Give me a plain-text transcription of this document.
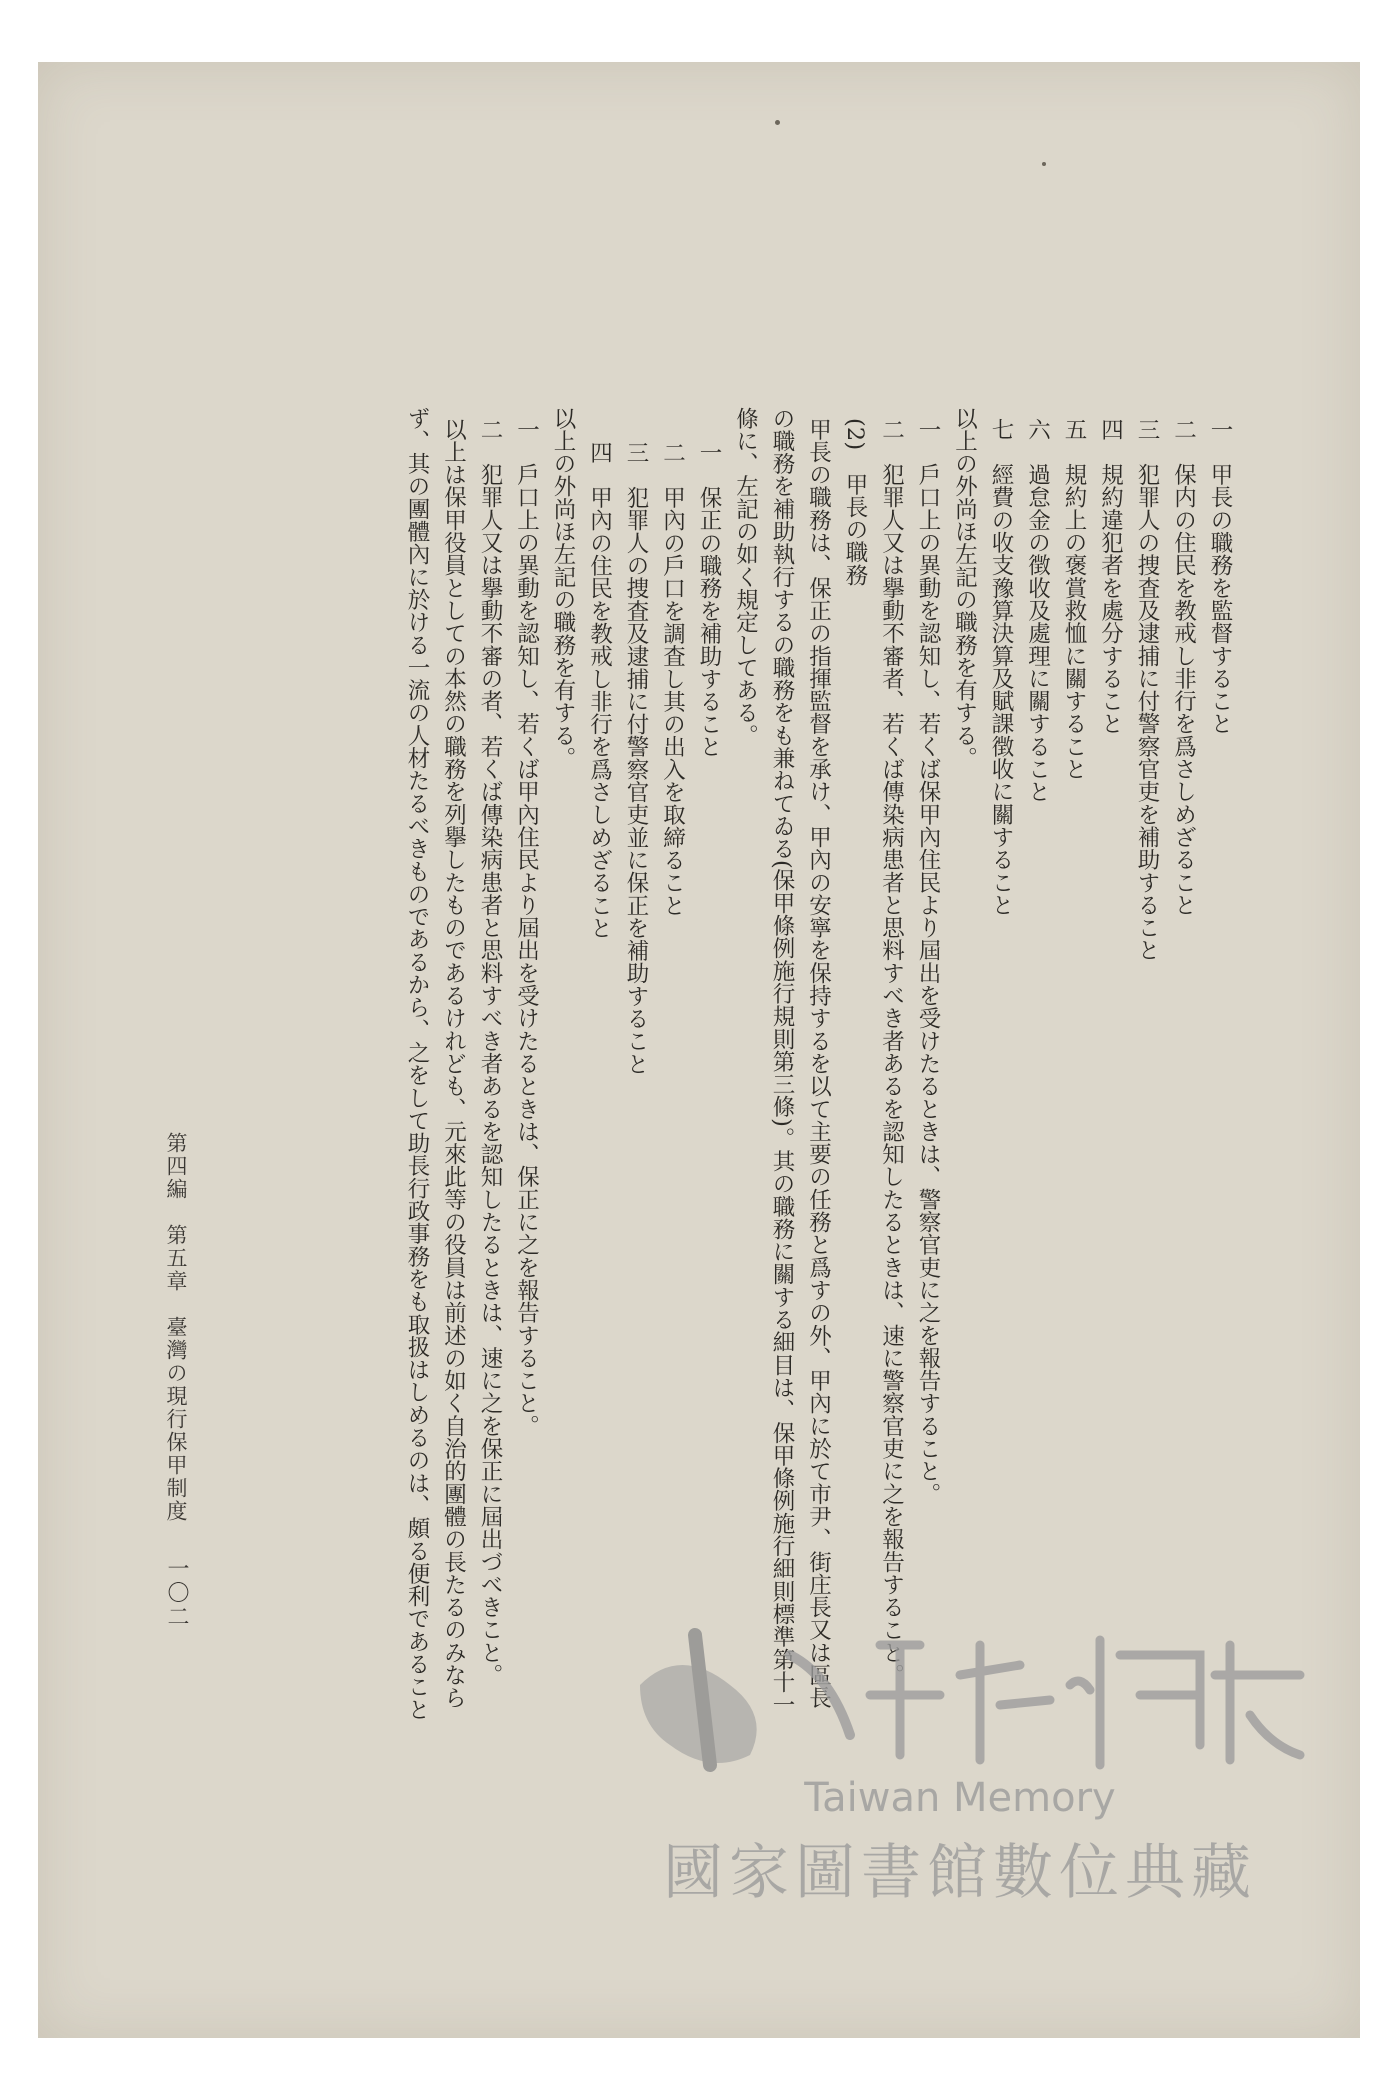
一　甲長の職務を監督すること
二　保内の住民を教戒し非行を爲さしめざること
三　犯罪人の捜査及逮捕に付警察官吏を補助すること
四　規約違犯者を處分すること
五　規約上の褒賞救恤に關すること
六　過怠金の徴收及處理に關すること
七　經費の收支豫算決算及賦課徴收に關すること
以上の外尚ほ左記の職務を有する。
一　戶口上の異動を認知し、若くば保甲內住民より屆出を受けたるときは、警察官吏に之を報告すること。
二　犯罪人又は擧動不審者、若くば傳染病患者と思料すべき者あるを認知したるときは、速に警察官吏に之を報告すること。
(2)　甲長の職務
甲長の職務は、保正の指揮監督を承け、甲內の安寧を保持するを以て主要の任務と爲すの外、甲內に於て市尹、街庄長又は區長
の職務を補助執行するの職務をも兼ねてゐる(保甲條例施行規則第三條)。其の職務に關する細目は、保甲條例施行細則標準第十一
條に、左記の如く規定してある。
一　保正の職務を補助すること
二　甲內の戶口を調査し其の出入を取締ること
三　犯罪人の捜査及逮捕に付警察官吏並に保正を補助すること
四　甲內の住民を教戒し非行を爲さしめざること
以上の外尚ほ左記の職務を有する。
一　戶口上の異動を認知し、若くば甲內住民より屆出を受けたるときは、保正に之を報告すること。
二　犯罪人又は擧動不審の者、若くば傳染病患者と思料すべき者あるを認知したるときは、速に之を保正に屆出づべきこと。
以上は保甲役員としての本然の職務を列擧したものであるけれども、元來此等の役員は前述の如く自治的團體の長たるのみなら
ず、其の團體內に於ける一流の人材たるべきものであるから、之をして助長行政事務をも取扱はしめるのは、頗る便利であること
第四編　第五章　臺灣の現行保甲制度
一〇二
Taiwan Memory
國家圖書館數位典藏
